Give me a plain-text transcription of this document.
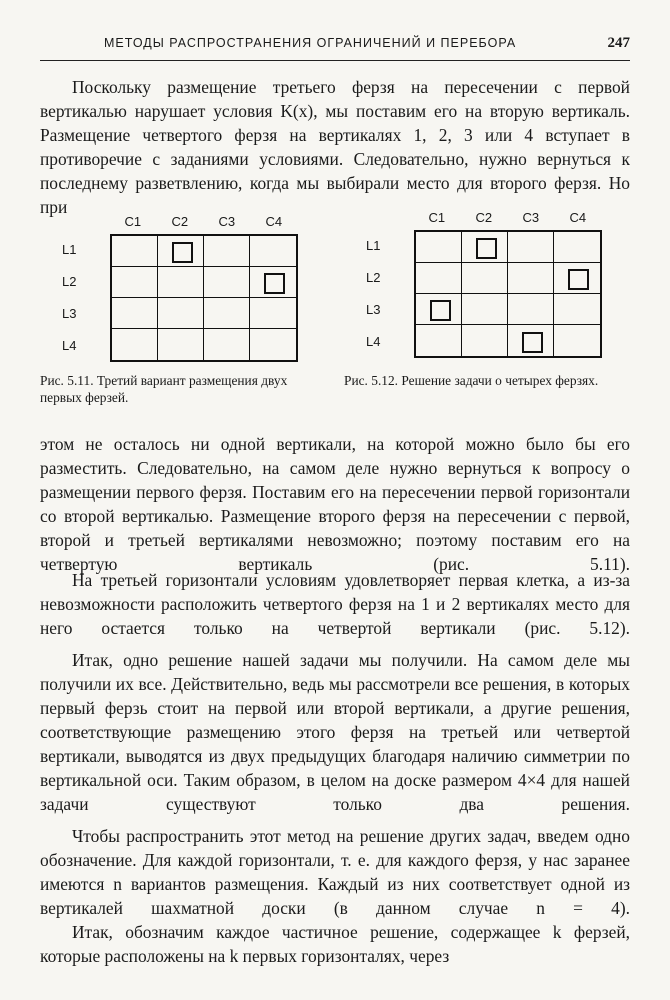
МЕТОДЫ РАСПРОСТРАНЕНИЯ ОГРАНИЧЕНИЙ И ПЕРЕБОРА	247

Поскольку размещение третьего ферзя на пересечении с первой вертикалью нарушает условия K(x), мы поставим его на вторую вертикаль. Размещение четвертого ферзя на вертикалях 1, 2, 3 или 4 вступает в противоречие с заданиями условиями. Следовательно, нужно вернуться к последнему разветвлению, когда мы выбирали место для второго ферзя. Но при

Рис. 5.11. Третий вариант размещения двух первых ферзей.
C1 C2 C3 C4
L1
L2
L3
L4
Рис. 5.12. Решение задачи о четырех ферзях.
C1 C2 C3 C4
L1
L2
L3
L4

этом не осталось ни одной вертикали, на которой можно было бы его разместить. Следовательно, на самом деле нужно вернуться к вопросу о размещении первого ферзя. Поставим его на пересечении первой горизонтали со второй вертикалью. Размещение второго ферзя на пересечении с первой, второй и третьей вертикалями невозможно; поэтому поставим его на четвертую вертикаль (рис. 5.11).

На третьей горизонтали условиям удовлетворяет первая клетка, а из-за невозможности расположить четвертого ферзя на 1 и 2 вертикалях место для него остается только на четвертой вертикали (рис. 5.12).

Итак, одно решение нашей задачи мы получили. На самом деле мы получили их все. Действительно, ведь мы рассмотрели все решения, в которых первый ферзь стоит на первой или второй вертикали, а другие решения, соответствующие размещению этого ферзя на третьей или четвертой вертикали, выводятся из двух предыдущих благодаря наличию симметрии по вертикальной оси. Таким образом, в целом на доске размером 4×4 для нашей задачи существуют только два решения.

Чтобы распространить этот метод на решение других задач, введем одно обозначение. Для каждой горизонтали, т. е. для каждого ферзя, у нас заранее имеются n вариантов размещения. Каждый из них соответствует одной из вертикалей шахматной доски (в данном случае n = 4).

Итак, обозначим каждое частичное решение, содержащее k ферзей, которые расположены на k первых горизонталях, через
